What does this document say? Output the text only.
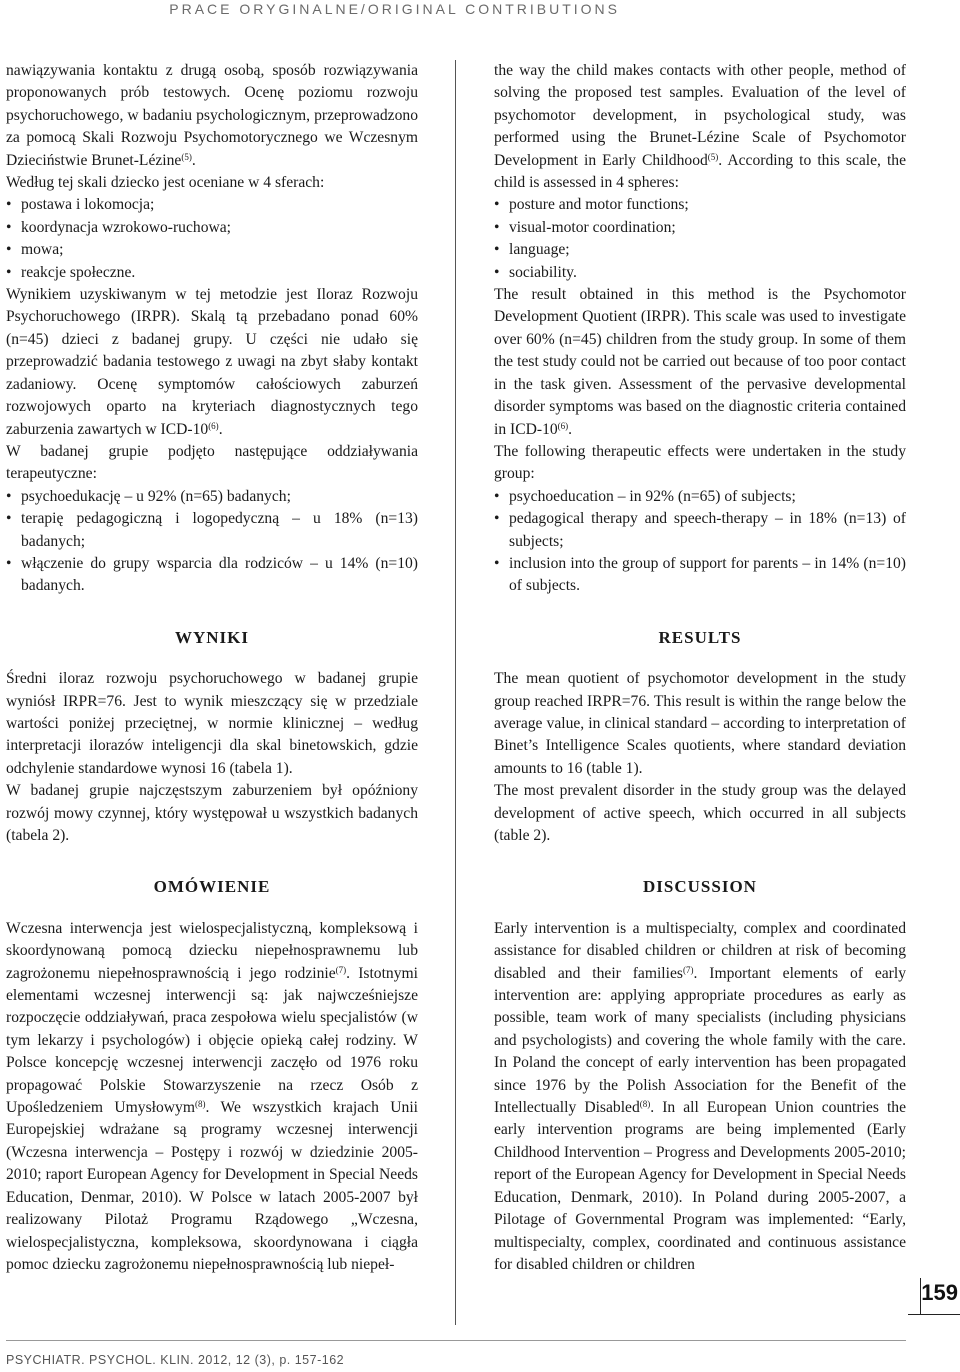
PRACE ORYGINALNE/ORIGINAL CONTRIBUTIONS

nawiązywania kontaktu z drugą osobą, sposób rozwiązywania proponowanych prób testowych. Ocenę poziomu rozwoju psychoruchowego, w badaniu psychologicznym, przeprowadzono za pomocą Skali Rozwoju Psychomotorycznego we Wczesnym Dzieciństwie Brunet-Lézine$^{(5)}$.

Według tej skali dziecko jest oceniane w 4 sferach:

• postawa i lokomocja;
• koordynacja wzrokowo-ruchowa;
• mowa;
• reakcje społeczne.

Wynikiem uzyskiwanym w tej metodzie jest Iloraz Rozwoju Psychoruchowego (IRPR). Skalą tą przebadano ponad 60% (n=45) dzieci z badanej grupy. U części nie udało się przeprowadzić badania testowego z uwagi na zbyt słaby kontakt zadaniowy. Ocenę symptomów całościowych zaburzeń rozwojowych oparto na kryteriach diagnostycznych tego zaburzenia zawartych w ICD-10$^{(6)}$.

W badanej grupie podjęto następujące oddziaływania terapeutyczne:

• psychoedukację – u 92% (n=65) badanych;
• terapię pedagogiczną i logopedyczną – u 18% (n=13) badanych;
• włączenie do grupy wsparcia dla rodziców – u 14% (n=10) badanych.
WYNIKI

Średni iloraz rozwoju psychoruchowego w badanej grupie wyniósł IRPR=76. Jest to wynik mieszczący się w przedziale wartości poniżej przeciętnej, w normie klinicznej – według interpretacji ilorazów inteligencji dla skal binetowskich, gdzie odchylenie standardowe wynosi 16 (tabela 1).

W badanej grupie najczęstszym zaburzeniem był opóźniony rozwój mowy czynnej, który występował u wszystkich badanych (tabela 2).

OMÓWIENIE

Wczesna interwencja jest wielospecjalistyczną, kompleksową i skoordynowaną pomocą dziecku niepełnosprawnemu lub zagrożonemu niepełnosprawnością i jego rodzinie$^{(7)}$. Istotnymi elementami wczesnej interwencji są: jak najwcześniejsze rozpoczęcie oddziaływań, praca zespołowa wielu specjalistów (w tym lekarzy i psychologów) i objęcie opieką całej rodziny. W Polsce koncepcję wczesnej interwencji zaczęło od 1976 roku propagować Polskie Stowarzyszenie na rzecz Osób z Upośledzeniem Umysłowym$^{(8)}$. We wszystkich krajach Unii Europejskiej wdrażane są programy wczesnej interwencji (Wczesna interwencja – Postępy i rozwój w dziedzinie 2005-2010; raport European Agency for Development in Special Needs Education, Denmar, 2010). W Polsce w latach 2005-2007 był realizowany Pilotaż Programu Rządowego „Wczesna, wielospecjalistyczna, kompleksowa, skoordynowana i ciągła pomoc dziecku zagrożonemu niepełnosprawnością lub niepeł-

the way the child makes contacts with other people, method of solving the proposed test samples. Evaluation of the level of psychomotor development, in psychological study, was performed using the Brunet-Lézine Scale of Psychomotor Development in Early Childhood$^{(5)}$. According to this scale, the child is assessed in 4 spheres:

• posture and motor functions;
• visual-motor coordination;
• language;
• sociability.

The result obtained in this method is the Psychomotor Development Quotient (IRPR). This scale was used to investigate over 60% (n=45) children from the study group. In some of them the test study could not be carried out because of too poor contact in the task given. Assessment of the pervasive developmental disorder symptoms was based on the diagnostic criteria contained in ICD-10$^{(6)}$.

The following therapeutic effects were undertaken in the study group:

• psychoeducation – in 92% (n=65) of subjects;
• pedagogical therapy and speech-therapy – in 18% (n=13) of subjects;
• inclusion into the group of support for parents – in 14% (n=10) of subjects.
RESULTS

The mean quotient of psychomotor development in the study group reached IRPR=76. This result is within the range below the average value, in clinical standard – according to interpretation of Binet’s Intelligence Scales quotients, where standard deviation amounts to 16 (table 1).

The most prevalent disorder in the study group was the delayed development of active speech, which occurred in all subjects (table 2).

DISCUSSION

Early intervention is a multispecialty, complex and coordinated assistance for disabled children or children at risk of becoming disabled and their families$^{(7)}$. Important elements of early intervention are: applying appropriate procedures as early as possible, team work of many specialists (including physicians and psychologists) and covering the whole family with the care. In Poland the concept of early intervention has been propagated since 1976 by the Polish Association for the Benefit of the Intellectually Disabled$^{(8)}$. In all European Union countries the early intervention programs are being implemented (Early Childhood Intervention – Progress and Developments 2005-2010; report of the European Agency for Development in Special Needs Education, Denmark, 2010). In Poland during 2005-2007, a Pilotage of Governmental Program was implemented: “Early, multispecialty, complex, coordinated and continuous assistance for disabled children or children

159
PSYCHIATR. PSYCHOL. KLIN. 2012, 12 (3), p. 157-162
